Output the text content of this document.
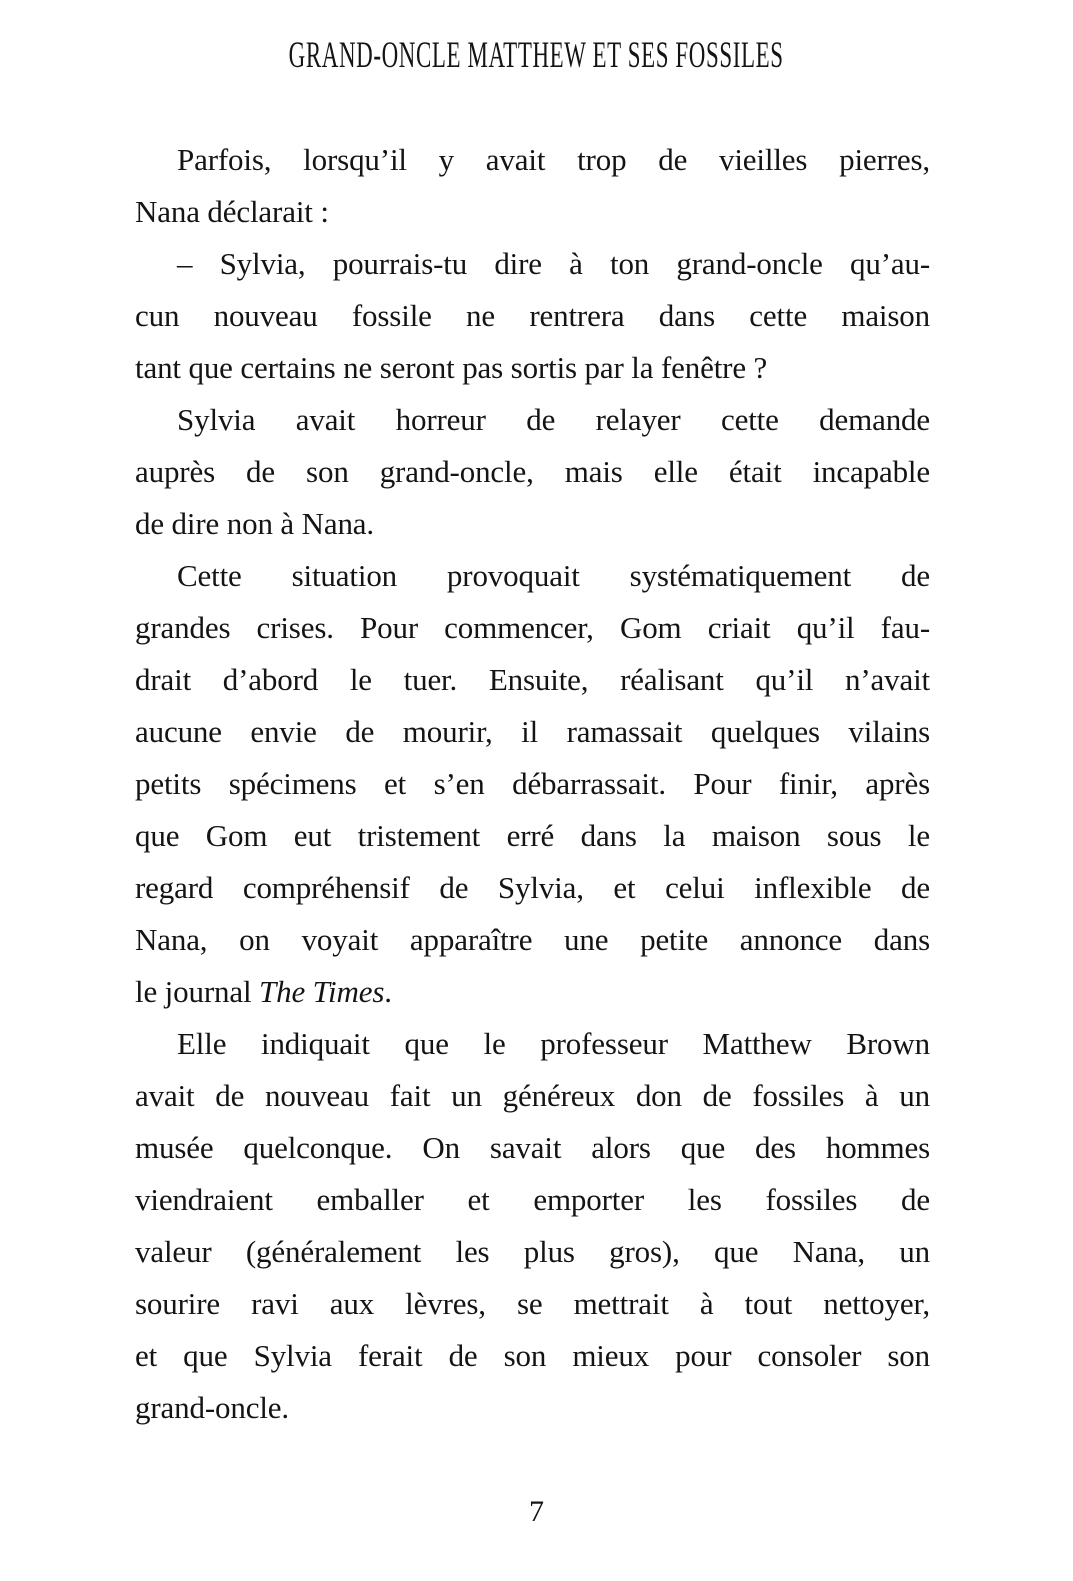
GRAND-ONCLE MATTHEW ET SES FOSSILES
Parfois, lorsqu’il y avait trop de vieilles pierres,
Nana déclarait :
– Sylvia, pourrais-tu dire à ton grand-oncle qu’au-
cun nouveau fossile ne rentrera dans cette maison
tant que certains ne seront pas sortis par la fenêtre ?
Sylvia avait horreur de relayer cette demande
auprès de son grand-oncle, mais elle était incapable
de dire non à Nana.
Cette situation provoquait systématiquement de
grandes crises. Pour commencer, Gom criait qu’il fau-
drait d’abord le tuer. Ensuite, réalisant qu’il n’avait
aucune envie de mourir, il ramassait quelques vilains
petits spécimens et s’en débarrassait. Pour finir, après
que Gom eut tristement erré dans la maison sous le
regard compréhensif de Sylvia, et celui inflexible de
Nana, on voyait apparaître une petite annonce dans
le journal The Times.
Elle indiquait que le professeur Matthew Brown
avait de nouveau fait un généreux don de fossiles à un
musée quelconque. On savait alors que des hommes
viendraient emballer et emporter les fossiles de
valeur (généralement les plus gros), que Nana, un
sourire ravi aux lèvres, se mettrait à tout nettoyer,
et que Sylvia ferait de son mieux pour consoler son
grand-oncle.
7
